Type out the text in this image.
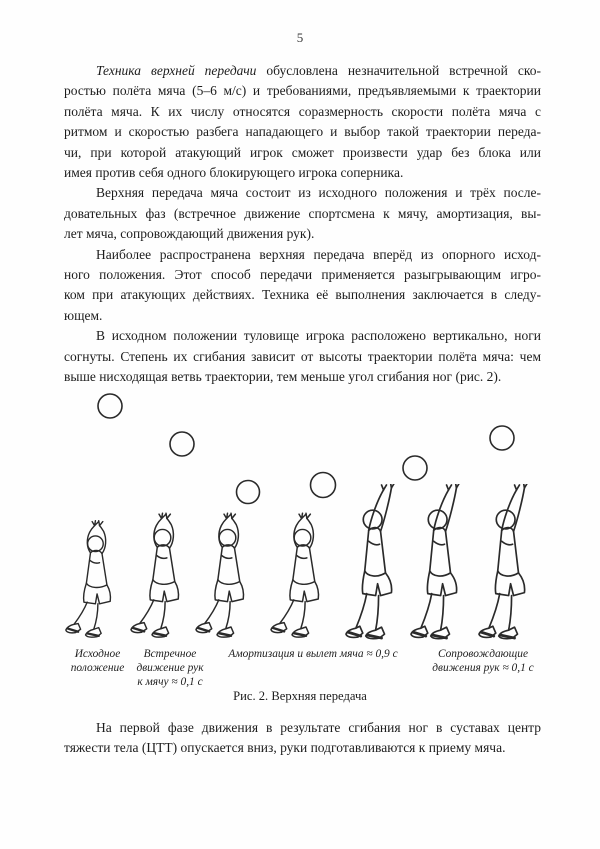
5
Техника верхней передачи обусловлена незначительной встречной ско-
ростью полёта мяча (5–6 м/с) и требованиями, предъявляемыми к траектории
полёта мяча. К их числу относятся соразмерность скорости полёта мяча с
ритмом и скоростью разбега нападающего и выбор такой траектории переда-
чи, при которой атакующий игрок сможет произвести удар без блока или
имея против себя одного блокирующего игрока соперника.
Верхняя передача мяча состоит из исходного положения и трёх после-
довательных фаз (встречное движение спортсмена к мячу, амортизация, вы-
лет мяча, сопровождающий движения рук).
Наиболее распространена верхняя передача вперёд из опорного исход-
ного положения. Этот способ передачи применяется разыгрывающим игро-
ком при атакующих действиях. Техника её выполнения заключается в следу-
ющем.
В исходном положении туловище игрока расположено вертикально, ноги
согнуты. Степень их сгибания зависит от высоты траектории полёта мяча: чем
выше нисходящая ветвь траектории, тем меньше угол сгибания ног (рис. 2).
Исходное
положение
Встречное
движение рук
к мячу ≈ 0,1 с
Амортизация и вылет мяча ≈ 0,9 с	Сопровождающие
движения рук ≈ 0,1 с
Рис. 2. Верхняя передача
На первой фазе движения в результате сгибания ног в суставах центр
тяжести тела (ЦТТ) опускается вниз, руки подготавливаются к приему мяча.
